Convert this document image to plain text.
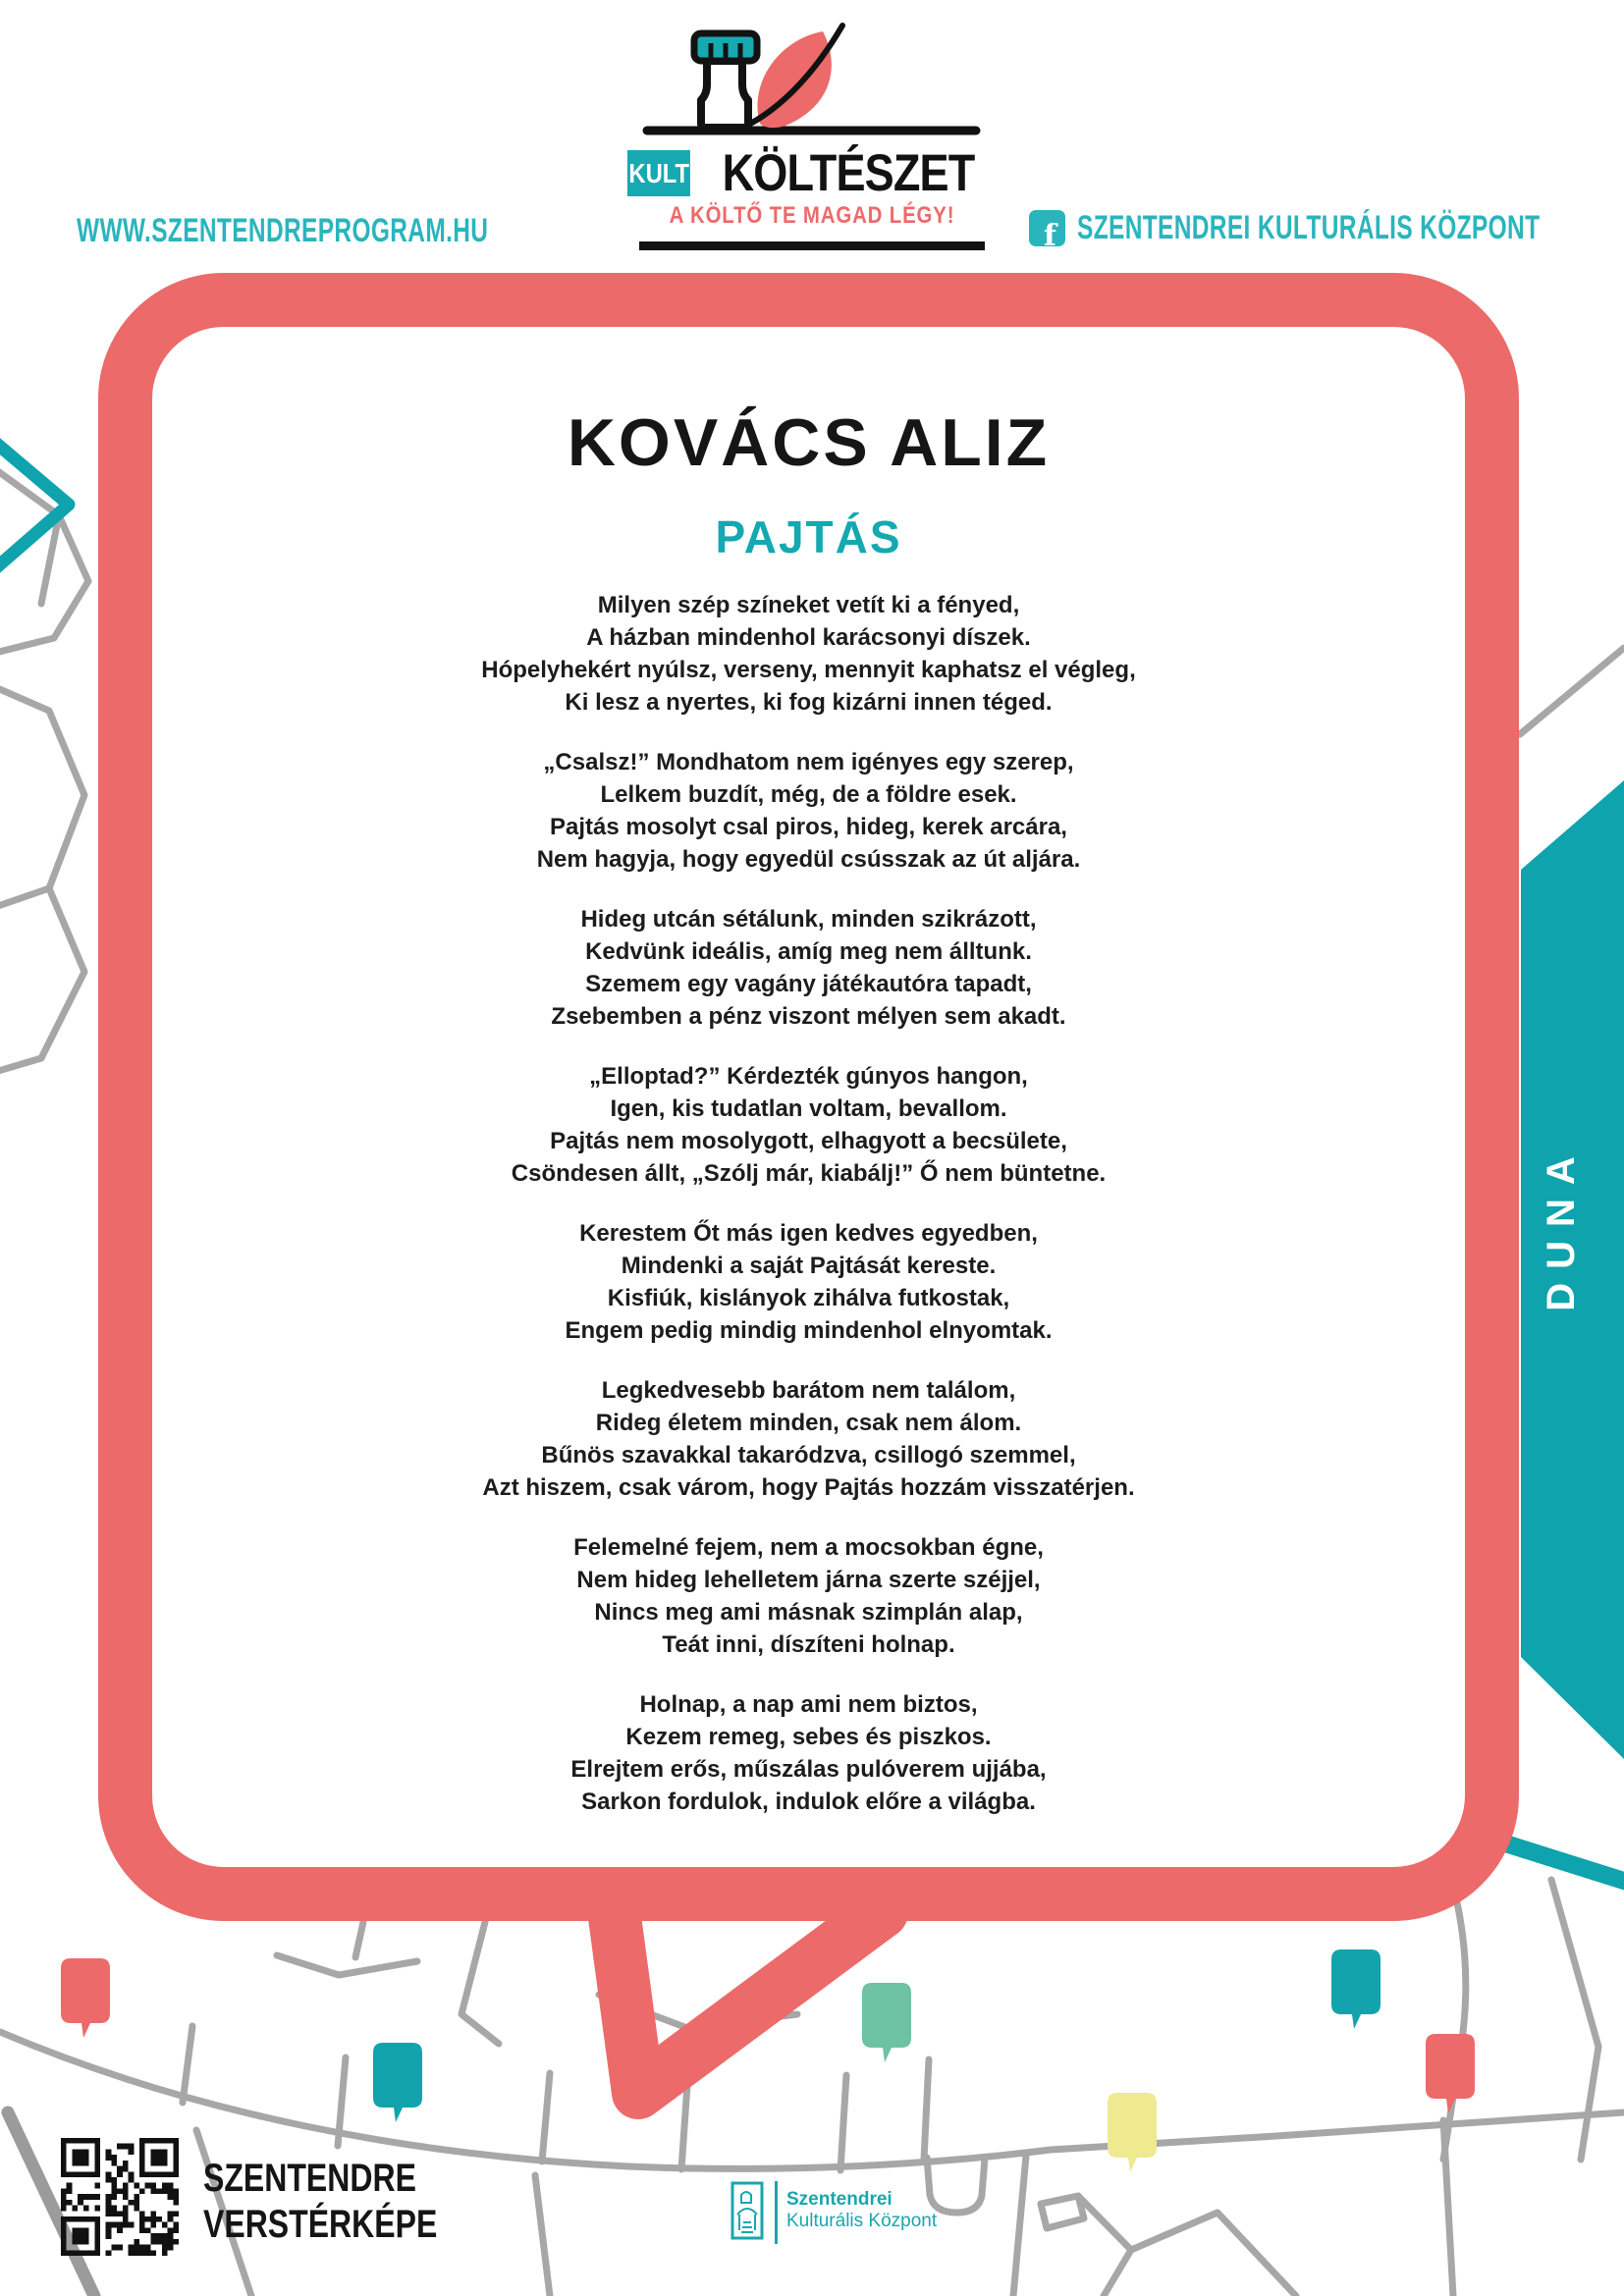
DUNA
WWW.SZENTENDREPROGRAM.HU
KULT KÖLTÉSZET
A KÖLTŐ TE MAGAD LÉGY!
f SZENTENDREI KULTURÁLIS KÖZPONT
KOVÁCS ALIZ
PAJTÁS
Milyen szép színeket vetít ki a fényed,
A házban mindenhol karácsonyi díszek.
Hópelyhekért nyúlsz, verseny, mennyit kaphatsz el végleg,
Ki lesz a nyertes, ki fog kizárni innen téged.
„Csalsz!” Mondhatom nem igényes egy szerep,
Lelkem buzdít, még, de a földre esek.
Pajtás mosolyt csal piros, hideg, kerek arcára,
Nem hagyja, hogy egyedül csússzak az út aljára.
Hideg utcán sétálunk, minden szikrázott,
Kedvünk ideális, amíg meg nem álltunk.
Szemem egy vagány játékautóra tapadt,
Zsebemben a pénz viszont mélyen sem akadt.
„Elloptad?” Kérdezték gúnyos hangon,
Igen, kis tudatlan voltam, bevallom.
Pajtás nem mosolygott, elhagyott a becsülete,
Csöndesen állt, „Szólj már, kiabálj!” Ő nem büntetne.
Kerestem Őt más igen kedves egyedben,
Mindenki a saját Pajtását kereste.
Kisfiúk, kislányok zihálva futkostak,
Engem pedig mindig mindenhol elnyomtak.
Legkedvesebb barátom nem találom,
Rideg életem minden, csak nem álom.
Bűnös szavakkal takaródzva, csillogó szemmel,
Azt hiszem, csak várom, hogy Pajtás hozzám visszatérjen.
Felemelné fejem, nem a mocsokban égne,
Nem hideg lehelletem járna szerte széjjel,
Nincs meg ami másnak szimplán alap,
Teát inni, díszíteni holnap.
Holnap, a nap ami nem biztos,
Kezem remeg, sebes és piszkos.
Elrejtem erős, műszálas pulóverem ujjába,
Sarkon fordulok, indulok előre a világba.
SZENTENDRE
VERSTÉRKÉPE
Szentendrei
Kulturális Központ
